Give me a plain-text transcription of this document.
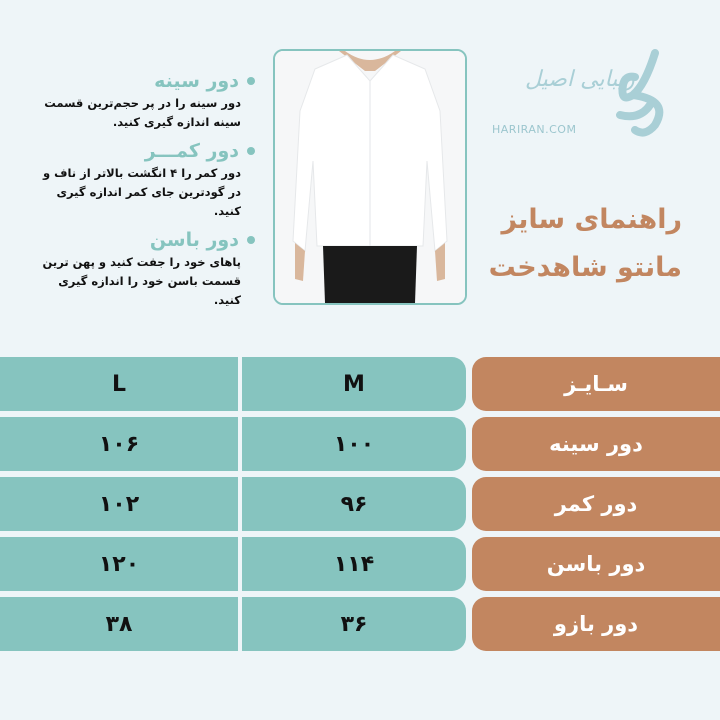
دور سینه
دور سینه را در پر حجم‌ترین قسمت سینه اندازه گیری کنید.
دور کمـــر
دور کمر را ۴ انگشت بالاتر از ناف و در گودترین جای کمر اندازه گیری کنید.
دور باسن
پاهای خود را جفت کنید و پهن ترین قسمت باسن خود را اندازه گیری کنید.
زیبایی اصیل
HARIRAN.COM
راهنمای سایز
مانتو شاهدخت
L	M	سـایـز
۱۰۶	۱۰۰	دور سینه
۱۰۲	۹۶	دور کمر
۱۲۰	۱۱۴	دور باسن
۳۸	۳۶	دور بازو
